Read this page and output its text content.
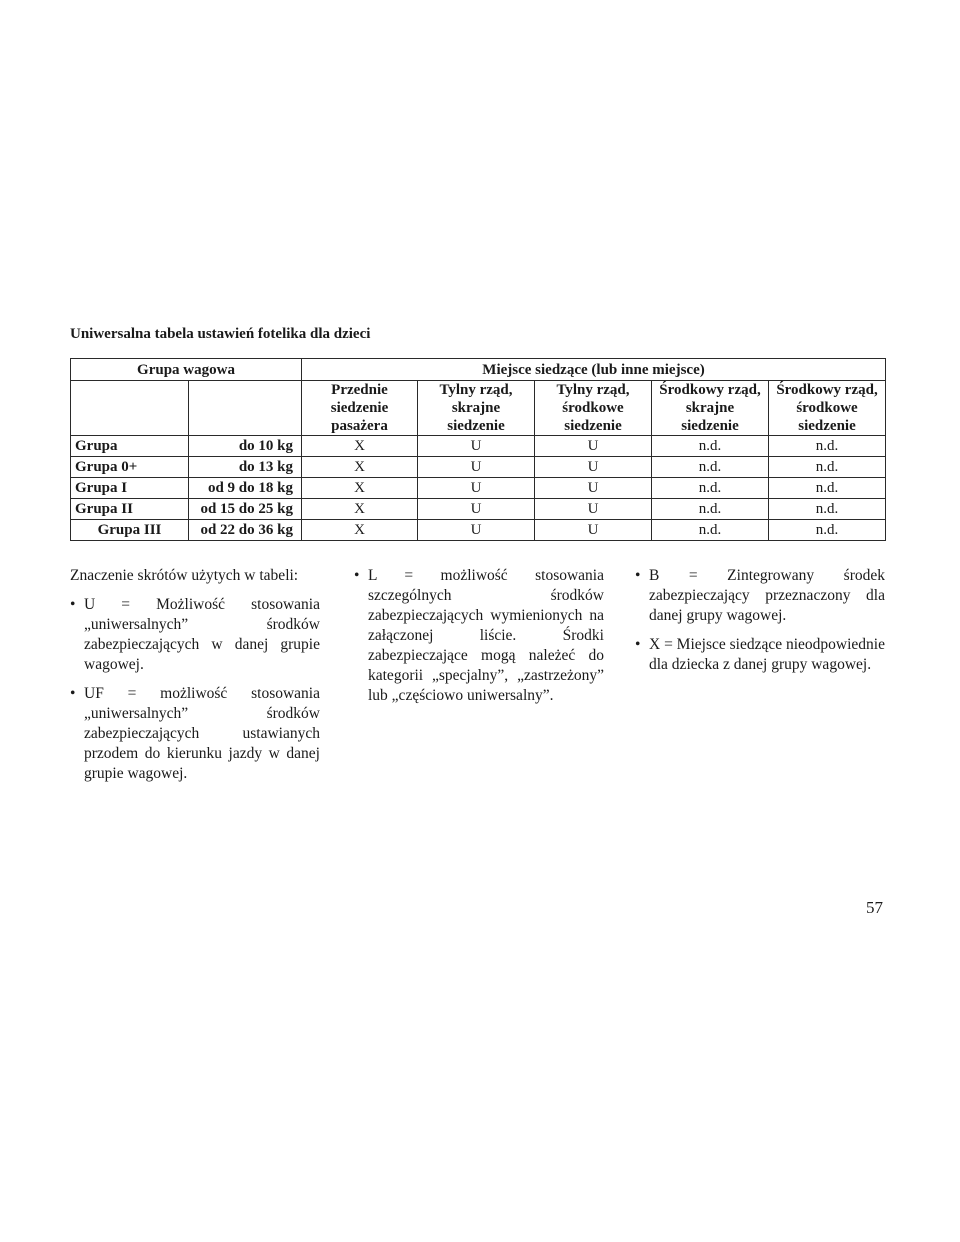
Uniwersalna tabela ustawień fotelika dla dzieci
Grupa wagowa		Miejsce siedzące (lub inne miejsce)				
		Przednie siedzenie pasażera	Tylny rząd, skrajne siedzenie	Tylny rząd, środkowe siedzenie	Środkowy rząd, skrajne siedzenie	Środkowy rząd, środkowe siedzenie
Grupa	do 10 kg	X	U	U	n.d.	n.d.
Grupa 0+	do 13 kg	X	U	U	n.d.	n.d.
Grupa I	od 9 do 18 kg	X	U	U	n.d.	n.d.
Grupa II	od 15 do 25 kg	X	U	U	n.d.	n.d.
Grupa III	od 22 do 36 kg	X	U	U	n.d.	n.d.

Znaczenie skrótów użytych w tabeli:

• U = Możliwość stosowania „uniwersalnych” środków zabezpieczających w danej grupie wagowej.
• UF = możliwość stosowania „uniwersalnych” środków zabezpieczających ustawianych przodem do kierunku jazdy w danej grupie wagowej.
• L = możliwość stosowania szczególnych środków zabezpieczających wymienionych na załączonej liście. Środki zabezpieczające mogą należeć do kategorii „specjalny”, „zastrzeżony” lub „częściowo uniwersalny”.
• B = Zintegrowany środek zabezpieczający przeznaczony dla danej grupy wagowej.
• X = Miejsce siedzące nieodpowiednie dla dziecka z danej grupy wagowej.
57
